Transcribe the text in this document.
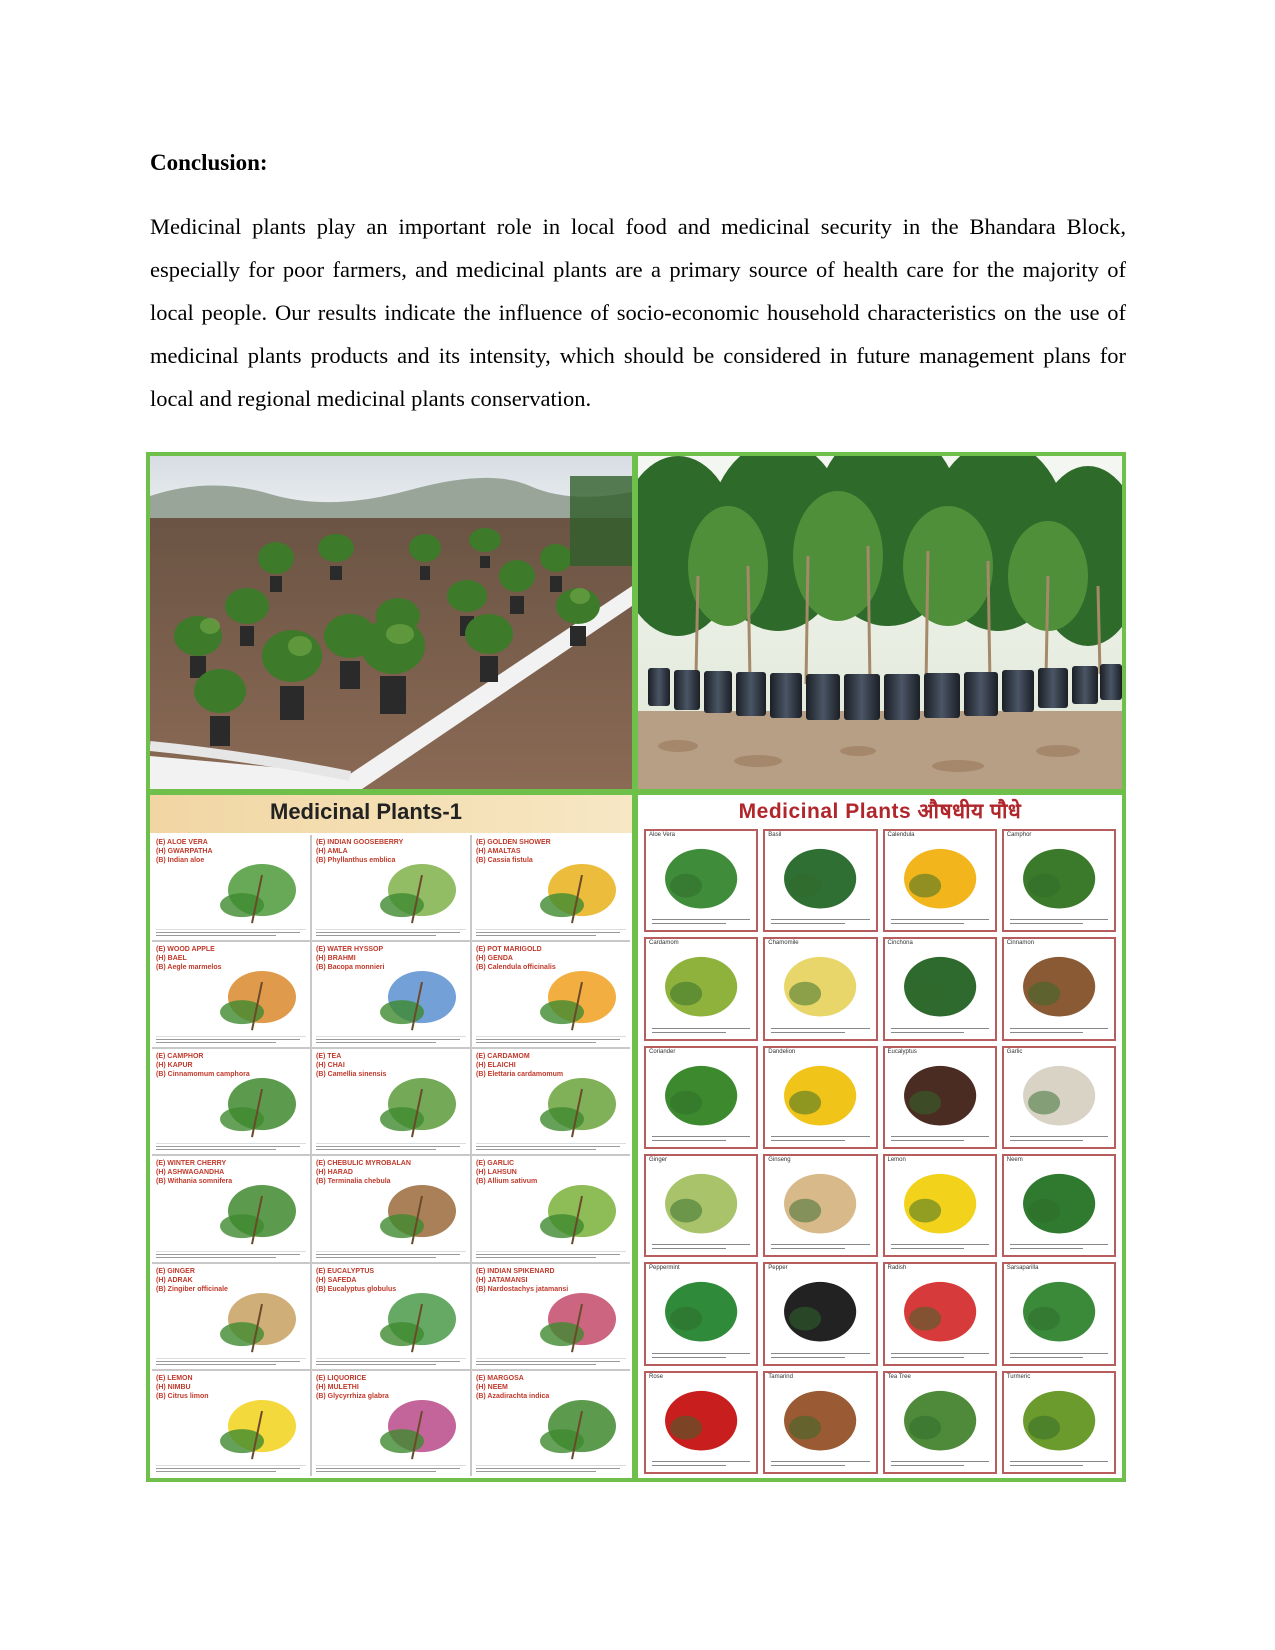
Conclusion:

Medicinal plants play an important role in local food and medicinal security in the Bhandara Block, especially for poor farmers, and medicinal plants are a primary source of health care for the majority of local people. Our results indicate the influence of socio-economic household characteristics on the use of medicinal plants products and its intensity, which should be considered in future management plans for local and regional medicinal plants conservation.

Medicinal Plants-1
(E) ALOE VERA
(H) GWARPATHA
(B) Indian aloe
(E) INDIAN GOOSEBERRY
(H) AMLA
(B) Phyllanthus emblica
(E) GOLDEN SHOWER
(H) AMALTAS
(B) Cassia fistula
(E) WOOD APPLE
(H) BAEL
(B) Aegle marmelos
(E) WATER HYSSOP
(H) BRAHMI
(B) Bacopa monnieri
(E) POT MARIGOLD
(H) GENDA
(B) Calendula officinalis
(E) CAMPHOR
(H) KAPUR
(B) Cinnamomum camphora
(E) TEA
(H) CHAI
(B) Camellia sinensis
(E) CARDAMOM
(H) ELAICHI
(B) Elettaria cardamomum
(E) WINTER CHERRY
(H) ASHWAGANDHA
(B) Withania somnifera
(E) CHEBULIC MYROBALAN
(H) HARAD
(B) Terminalia chebula
(E) GARLIC
(H) LAHSUN
(B) Allium sativum
(E) GINGER
(H) ADRAK
(B) Zingiber officinale
(E) EUCALYPTUS
(H) SAFEDA
(B) Eucalyptus globulus
(E) INDIAN SPIKENARD
(H) JATAMANSI
(B) Nardostachys jatamansi
(E) LEMON
(H) NIMBU
(B) Citrus limon
(E) LIQUORICE
(H) MULETHI
(B) Glycyrrhiza glabra
(E) MARGOSA
(H) NEEM
(B) Azadirachta indica
Medicinal Plants औषधीय पौधे
Aloe Vera	Basil	Calendula	Camphor
Cardamom	Chamomile	Cinchona	Cinnamon
Coriander	Dandelion	Eucalyptus	Garlic
Ginger	Ginseng	Lemon	Neem
Peppermint	Pepper	Radish	Sarsaparilla
Rose	Tamarind	Tea Tree	Turmeric
